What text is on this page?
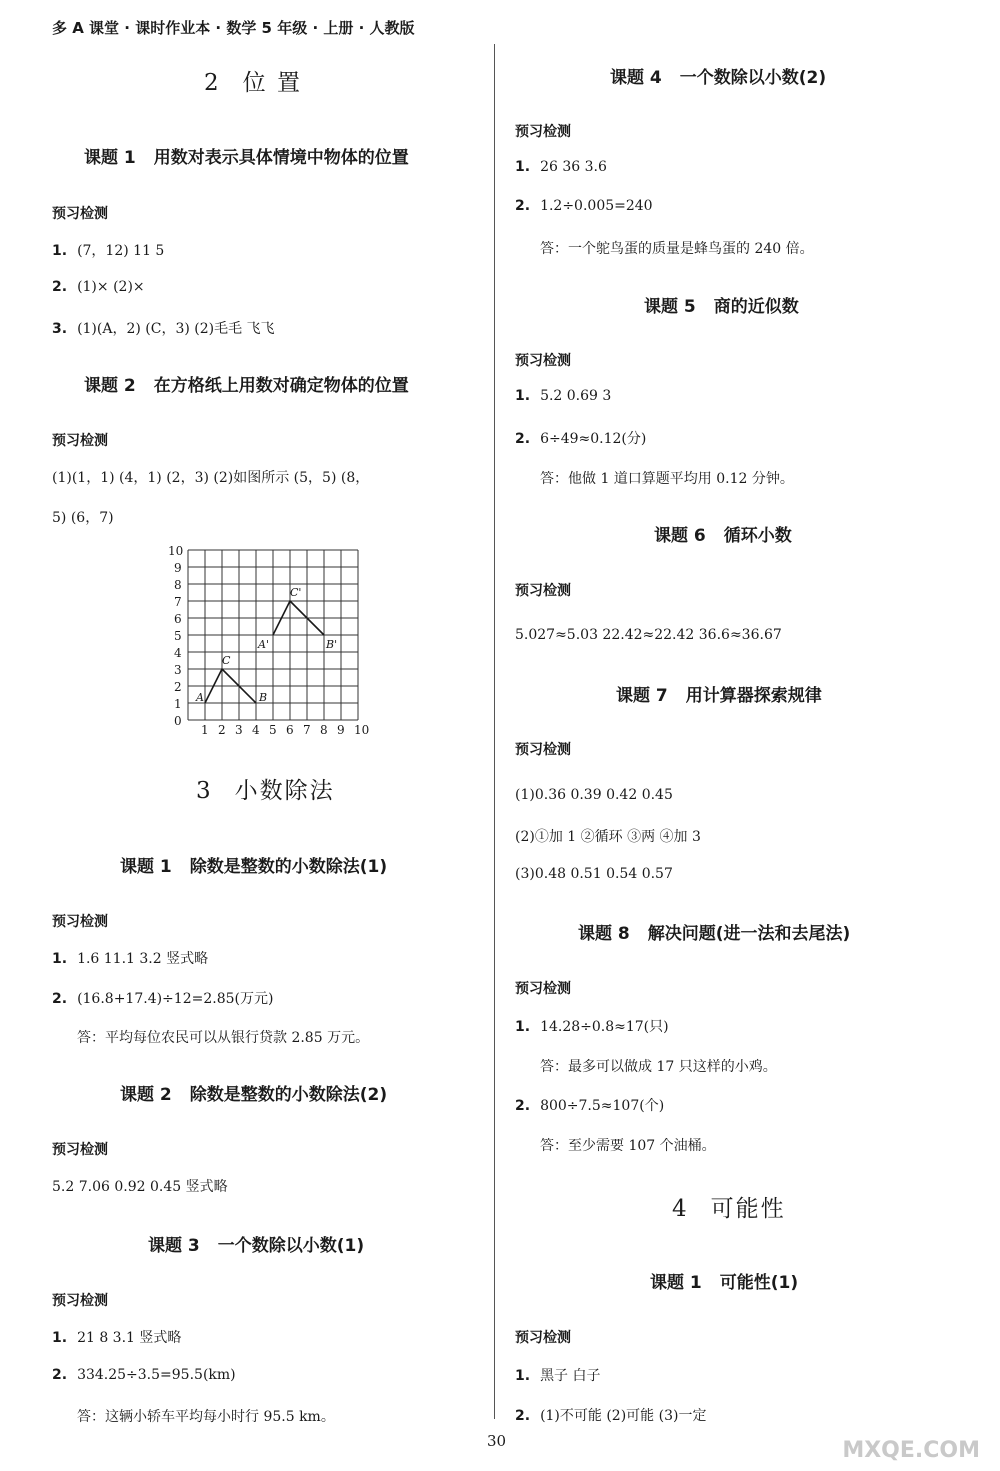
多 A 课堂 · 课时作业本 · 数学 5 年级 · 上册 · 人教版
2 位 置
课题 1 用数对表示具体情境中物体的位置
预习检测
1. (7，12) 11 5
2. (1)× (2)×
3. (1)(A，2) (C，3) (2)毛毛 飞飞
课题 2 在方格纸上用数对确定物体的位置
预习检测
(1)(1，1) (4，1) (2，3) (2)如图所示 (5，5) (8，
5) (6，7)
1 2 3 4 5 6 7 8 9 10
0
1
2
3
4
5
6
7
8
9
10
A	B
C
A'	B'
C'
3 小数除法
课题 1 除数是整数的小数除法(1)
预习检测
1. 1.6 11.1 3.2 竖式略
2. (16.8+17.4)÷12=2.85(万元)
答：平均每位农民可以从银行贷款 2.85 万元。
课题 2 除数是整数的小数除法(2)
预习检测
5.2 7.06 0.92 0.45 竖式略
课题 3 一个数除以小数(1)
预习检测
1. 21 8 3.1 竖式略
2. 334.25÷3.5=95.5(km)
答：这辆小轿车平均每小时行 95.5 km。
课题 4 一个数除以小数(2)
预习检测
1. 26 36 3.6
2. 1.2÷0.005=240
答：一个鸵鸟蛋的质量是蜂鸟蛋的 240 倍。
课题 5 商的近似数
预习检测
1. 5.2 0.69 3
2. 6÷49≈0.12(分)
答：他做 1 道口算题平均用 0.12 分钟。
课题 6 循环小数
预习检测
5.027≈5.03 22.42≈22.42 36.6≈36.67
课题 7 用计算器探索规律
预习检测
(1)0.36 0.39 0.42 0.45
(2)①加 1 ②循环 ③两 ④加 3
(3)0.48 0.51 0.54 0.57
课题 8 解决问题(进一法和去尾法)
预习检测
1. 14.28÷0.8≈17(只)
答：最多可以做成 17 只这样的小鸡。
2. 800÷7.5≈107(个)
答：至少需要 107 个油桶。
4 可能性
课题 1 可能性(1)
预习检测
1. 黑子 白子
2. (1)不可能 (2)可能 (3)一定
30	MXQE.COM
